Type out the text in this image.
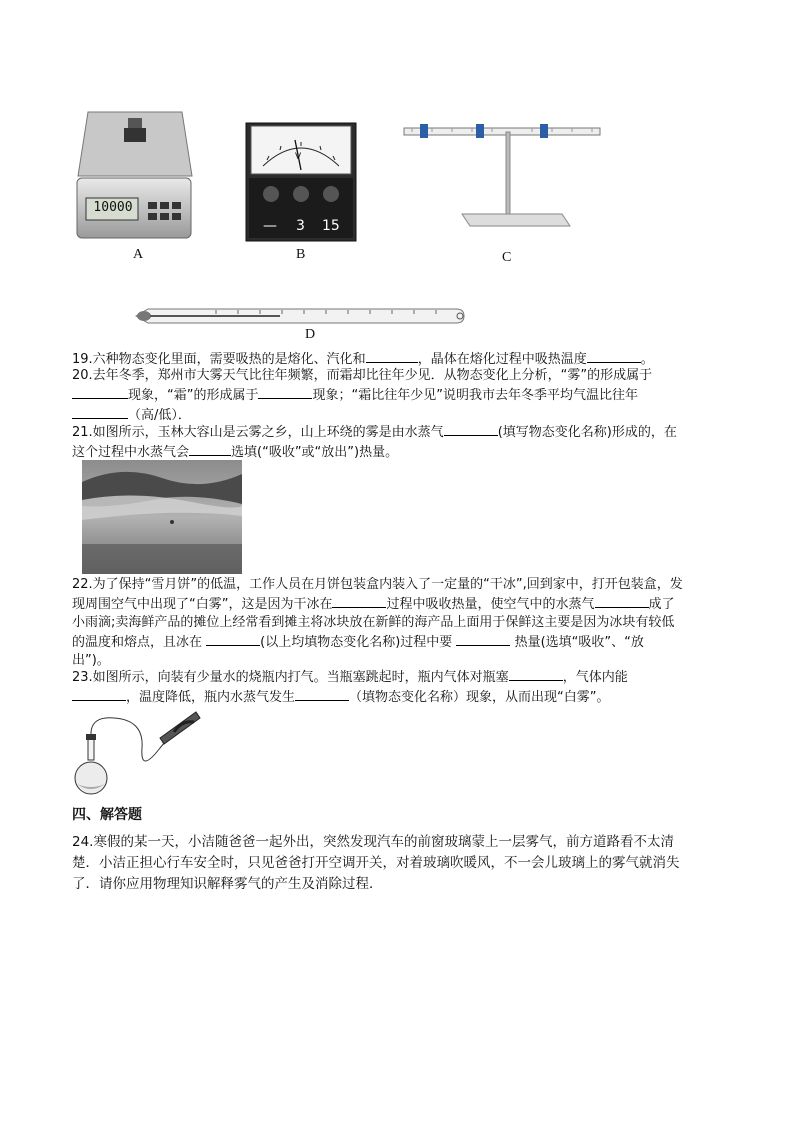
10000
A
V
— 3 15
B	C
D
19.六种物态变化里面，需要吸热的是熔化、汽化和	，晶体在熔化过程中吸热温度	。
20.去年冬季，郑州市大雾天气比往年频繁，而霜却比往年少见．从物态变化上分析，“雾”的形成属于
现象，“霜”的形成属于	现象；“霜比往年少见”说明我市去年冬季平均气温比往年
（高/低）．
21.如图所示，玉林大容山是云雾之乡，山上环绕的雾是由水蒸气	(填写物态变化名称)形成的，在
这个过程中水蒸气会	选填(“吸收”或“放出”)热量。
22.为了保持“雪月饼”的低温，工作人员在月饼包装盒内装入了一定量的“干冰”,回到家中，打开包装盒，发
现周围空气中出现了“白雾”，这是因为干冰在	过程中吸收热量，使空气中的水蒸气	成了
小雨滴;卖海鲜产品的摊位上经常看到摊主将冰块放在新鲜的海产品上面用于保鲜这主要是因为冰块有较低
的温度和熔点，且冰在	(以上均填物态变化名称)过程中要	热量(选填“吸收”、“放
出”)。
23.如图所示，向装有少量水的烧瓶内打气。当瓶塞跳起时，瓶内气体对瓶塞	，气体内能
，温度降低，瓶内水蒸气发生	（填物态变化名称）现象，从而出现“白雾”。
四、解答题
24.寒假的某一天，小洁随爸爸一起外出，突然发现汽车的前窗玻璃蒙上一层雾气，前方道路看不太清
楚．小洁正担心行车安全时，只见爸爸打开空调开关，对着玻璃吹暖风，不一会儿玻璃上的雾气就消失
了．请你应用物理知识解释雾气的产生及消除过程．
